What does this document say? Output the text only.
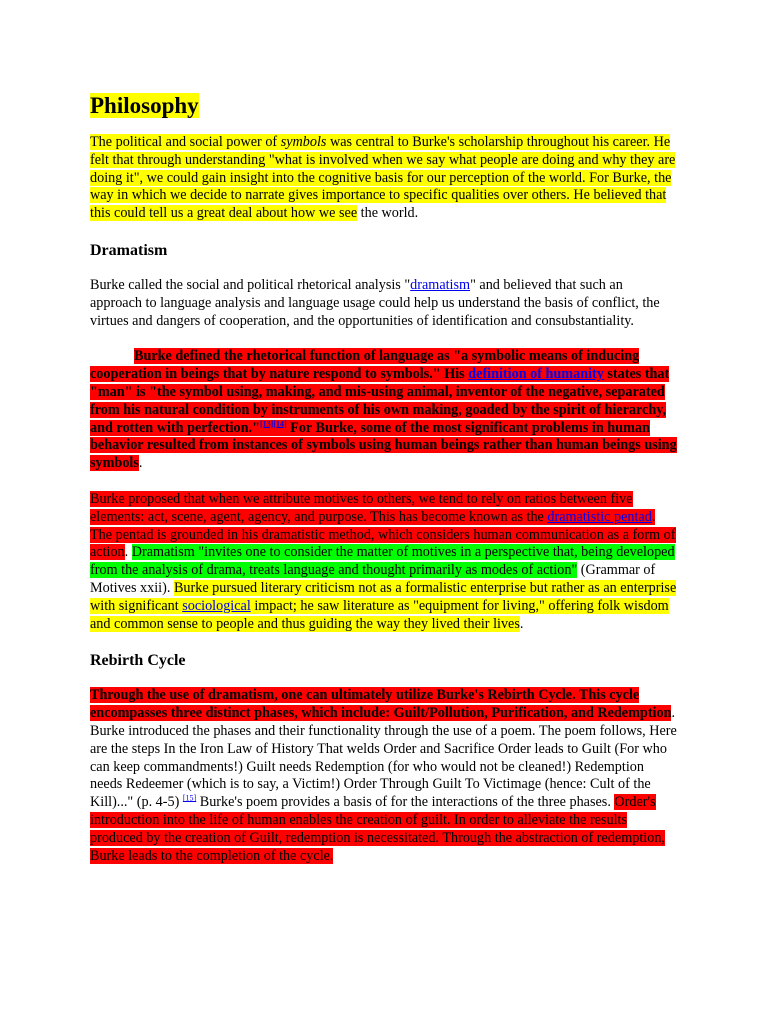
Philosophy

The political and social power of symbols was central to Burke's scholarship throughout his career. He felt that through understanding "what is involved when we say what people are doing and why they are doing it", we could gain insight into the cognitive basis for our perception of the world. For Burke, the way in which we decide to narrate gives importance to specific qualities over others. He believed that this could tell us a great deal about how we see the world.

Dramatism

Burke called the social and political rhetorical analysis "dramatism" and believed that such an approach to language analysis and language usage could help us understand the basis of conflict, the virtues and dangers of cooperation, and the opportunities of identification and consubstantiality.

Burke defined the rhetorical function of language as "a symbolic means of inducing cooperation in beings that by nature respond to symbols." His definition of humanity states that "man" is "the symbol using, making, and mis-using animal, inventor of the negative, separated from his natural condition by instruments of his own making, goaded by the spirit of hierarchy, and rotten with perfection."[13][14] For Burke, some of the most significant problems in human behavior resulted from instances of symbols using human beings rather than human beings using symbols.

Burke proposed that when we attribute motives to others, we tend to rely on ratios between five elements: act, scene, agent, agency, and purpose. This has become known as the dramatistic pentad. The pentad is grounded in his dramatistic method, which considers human communication as a form of action. Dramatism "invites one to consider the matter of motives in a perspective that, being developed from the analysis of drama, treats language and thought primarily as modes of action" (Grammar of Motives xxii). Burke pursued literary criticism not as a formalistic enterprise but rather as an enterprise with significant sociological impact; he saw literature as "equipment for living," offering folk wisdom and common sense to people and thus guiding the way they lived their lives.

Rebirth Cycle

Through the use of dramatism, one can ultimately utilize Burke's Rebirth Cycle. This cycle encompasses three distinct phases, which include: Guilt/Pollution, Purification, and Redemption. Burke introduced the phases and their functionality through the use of a poem. The poem follows, Here are the steps In the Iron Law of History That welds Order and Sacrifice Order leads to Guilt (For who can keep commandments!) Guilt needs Redemption (for who would not be cleaned!) Redemption needs Redeemer (which is to say, a Victim!) Order Through Guilt To Victimage (hence: Cult of the Kill)..." (p. 4-5) [15] Burke's poem provides a basis of for the interactions of the three phases. Order's introduction into the life of human enables the creation of guilt. In order to alleviate the results produced by the creation of Guilt, redemption is necessitated. Through the abstraction of redemption, Burke leads to the completion of the cycle.
